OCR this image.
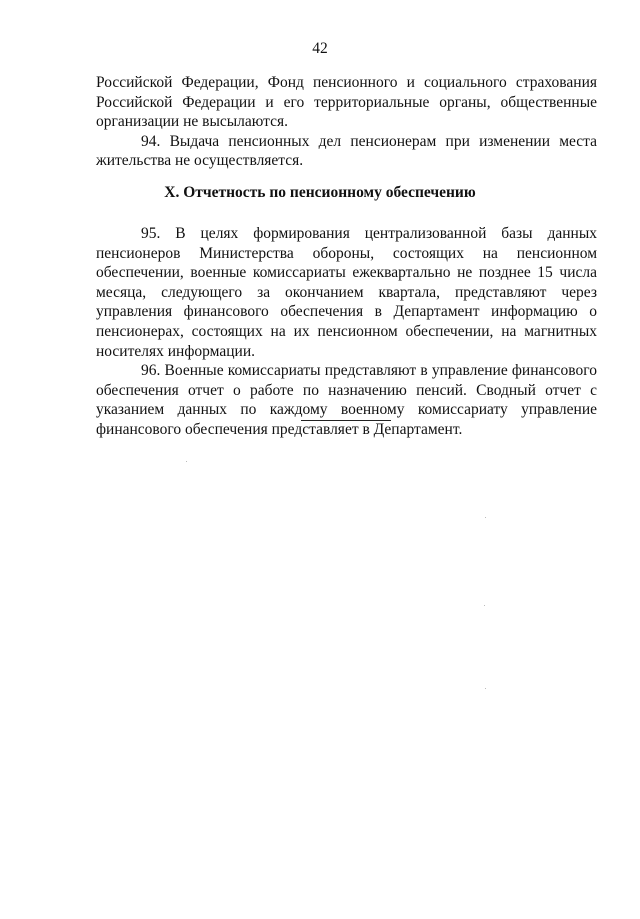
42

Российской Федерации, Фонд пенсионного и социального страхования Российской Федерации и его территориальные органы, общественные организации не высылаются.

94. Выдача пенсионных дел пенсионерам при изменении места жительства не осуществляется.

X. Отчетность по пенсионному обеспечению

95. В целях формирования централизованной базы данных пенсионеров Министерства обороны, состоящих на пенсионном обеспечении, военные комиссариаты ежеквартально не позднее 15 числа месяца, следующего за окончанием квартала, представляют через управления финансового обеспечения в Департамент информацию о пенсионерах, состоящих на их пенсионном обеспечении, на магнитных носителях информации.

96. Военные комиссариаты представляют в управление финансового обеспечения отчет о работе по назначению пенсий. Сводный отчет с указанием данных по каждому военному комиссариату управление финансового обеспечения представляет в Департамент.
